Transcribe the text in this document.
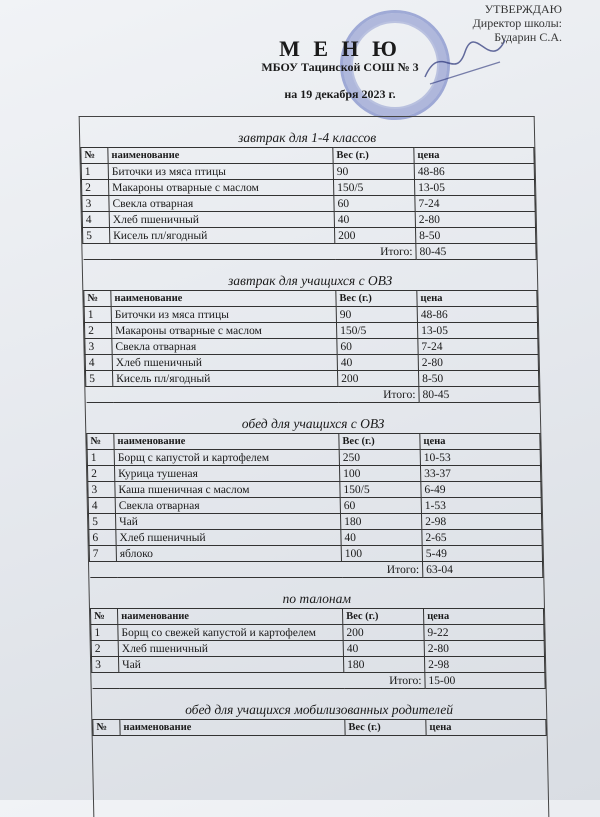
УТВЕРЖДАЮ
Директор школы:
Бударин С.А.
М Е Н Ю
МБОУ Тацинской СОШ № 3
на 19 декабря 2023 г.
завтрак для 1-4 классов
№	наименование	Вес (г.)	цена
1	Биточки из мяса птицы	90	48-86
2	Макароны отварные с маслом	150/5	13-05
3	Свекла отварная	60	7-24
4	Хлеб пшеничный	40	2-80
5	Кисель пл/ягодный	200	8-50
Итого:			80-45
завтрак для учащихся с ОВЗ
№	наименование	Вес (г.)	цена
1	Биточки из мяса птицы	90	48-86
2	Макароны отварные с маслом	150/5	13-05
3	Свекла отварная	60	7-24
4	Хлеб пшеничный	40	2-80
5	Кисель пл/ягодный	200	8-50
Итого:			80-45
обед для учащихся с ОВЗ
№	наименование	Вес (г.)	цена
1	Борщ с капустой и картофелем	250	10-53
2	Курица тушеная	100	33-37
3	Каша пшеничная с маслом	150/5	6-49
4	Свекла отварная	60	1-53
5	Чай	180	2-98
6	Хлеб пшеничный	40	2-65
7	яблоко	100	5-49
Итого:			63-04
по талонам
№	наименование	Вес (г.)	цена
1	Борщ со свежей капустой и картофелем	200	9-22
2	Хлеб пшеничный	40	2-80
3	Чай	180	2-98
Итого:			15-00
обед для учащихся мобилизованных родителей
№	наименование	Вес (г.)	цена
